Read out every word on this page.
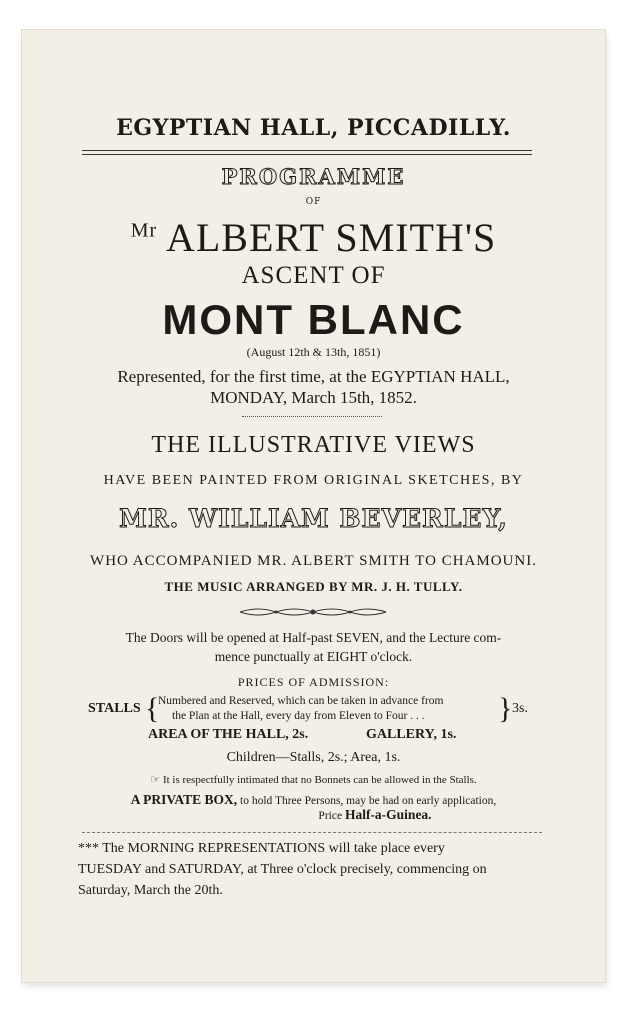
EGYPTIAN HALL, PICCADILLY.
PROGRAMME
OF
$^{Mr}$ ALBERT SMITH'S
ASCENT OF
MONT BLANC
(August 12th & 13th, 1851)
Represented, for the first time, at the EGYPTIAN HALL,
MONDAY, March 15th, 1852.
THE ILLUSTRATIVE VIEWS
HAVE BEEN PAINTED FROM ORIGINAL SKETCHES, BY
MR. WILLIAM BEVERLEY,
WHO ACCOMPANIED MR. ALBERT SMITH TO CHAMOUNI.
THE MUSIC ARRANGED BY MR. J. H. TULLY.
The Doors will be opened at Half-past SEVEN, and the Lecture com-
mence punctually at EIGHT o'clock.
PRICES OF ADMISSION:
STALLS {
Numbered and Reserved, which can be taken in advance from
the Plan at the Hall, every day from Eleven to Four . . . } 3s.
AREA OF THE HALL, 2s.	GALLERY, 1s.
Children—Stalls, 2s.; Area, 1s.
☞ It is respectfully intimated that no Bonnets can be allowed in the Stalls.
A PRIVATE BOX, to hold Three Persons, may be had on early application,
Price Half-a-Guinea.
*** The MORNING REPRESENTATIONS will take place every
TUESDAY and SATURDAY, at Three o'clock precisely, commencing on
Saturday, March the 20th.
